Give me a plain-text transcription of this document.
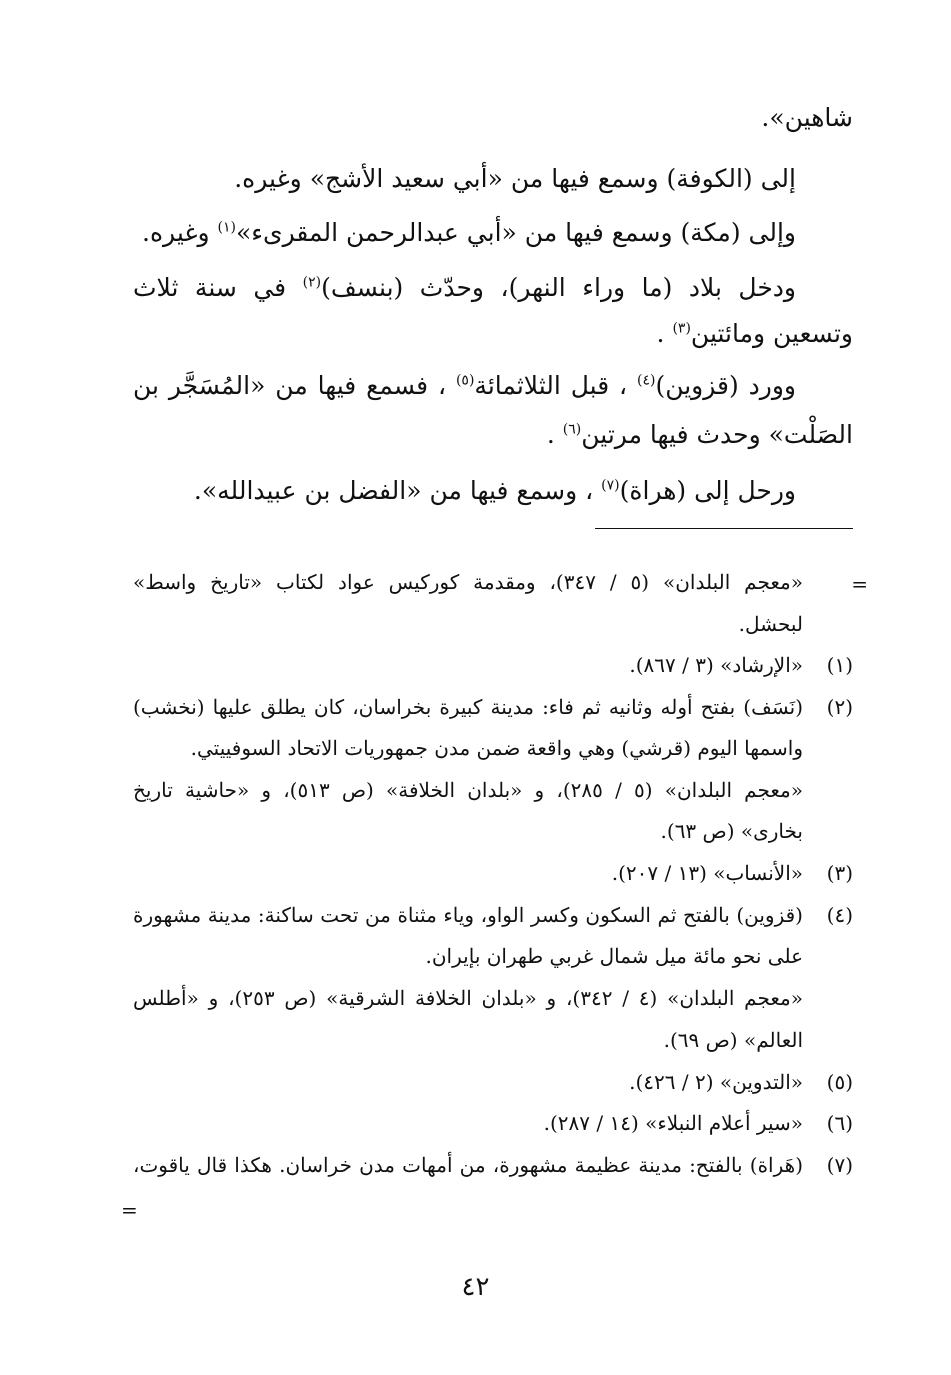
شاهين».
إلى (الكوفة) وسمع فيها من «أبي سعيد الأشج» وغيره.
وإلى (مكة) وسمع فيها من «أبي عبدالرحمن المقرىء»$^{(١)}$ وغيره.
ودخل بلاد (ما وراء النهر)، وحدّث (بنسف)$^{(٢)}$ في سنة ثلاث
وتسعين ومائتين$^{(٣)}$ .
وورد (قزوين)$^{(٤)}$ ، قبل الثلاثمائة$^{(٥)}$ ، فسمع فيها من «المُسَجَّر بن
الصَلْت» وحدث فيها مرتين$^{(٦)}$ .
ورحل إلى (هراة)$^{(٧)}$ ، وسمع فيها من «الفضل بن عبيدالله».
=
«معجم البلدان» (٥ / ٣٤٧)، ومقدمة كوركيس عواد لكتاب «تاريخ واسط»
لبحشل.
(١)
«الإرشاد» (٣ / ٨٦٧).
(٢)
(نَسَف) بفتح أوله وثانيه ثم فاء: مدينة كبيرة بخراسان، كان يطلق عليها (نخشب)
واسمها اليوم (قرشي) وهي واقعة ضمن مدن جمهوريات الاتحاد السوفييتي.
«معجم البلدان» (٥ / ٢٨٥)، و «بلدان الخلافة» (ص ٥١٣)، و «حاشية تاريخ
بخارى» (ص ٦٣).
(٣)
«الأنساب» (١٣ / ٢٠٧).
(٤)
(قزوين) بالفتح ثم السكون وكسر الواو، وياء مثناة من تحت ساكنة: مدينة مشهورة
على نحو مائة ميل شمال غربي طهران بإيران.
«معجم البلدان» (٤ / ٣٤٢)، و «بلدان الخلافة الشرقية» (ص ٢٥٣)، و «أطلس
العالم» (ص ٦٩).
(٥)
«التدوين» (٢ / ٤٢٦).
(٦)
«سير أعلام النبلاء» (١٤ / ٢٨٧).
(٧)
(هَراة) بالفتح: مدينة عظيمة مشهورة، من أمهات مدن خراسان. هكذا قال ياقوت،
=
٤٢
